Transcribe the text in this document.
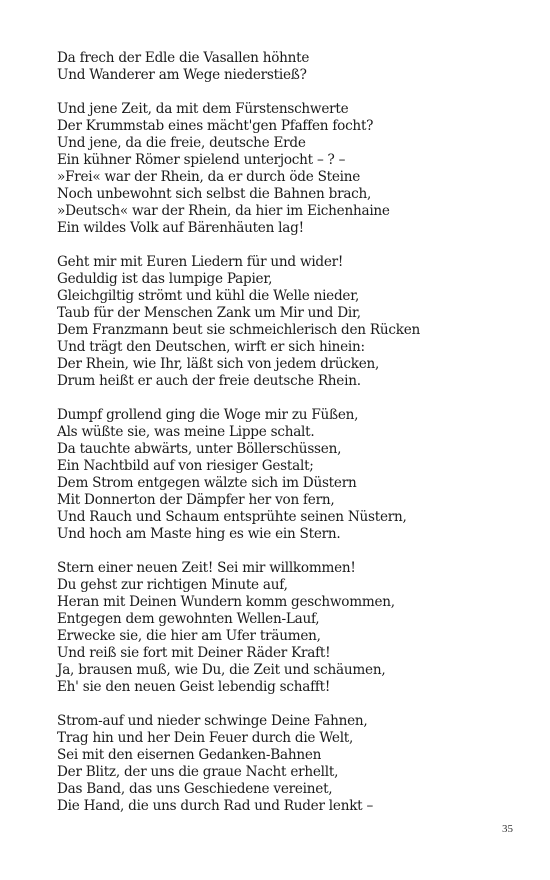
Da frech der Edle die Vasallen höhnte
Und Wanderer am Wege niederstieß?
Und jene Zeit, da mit dem Fürstenschwerte
Der Krummstab eines mächt'gen Pfaffen focht?
Und jene, da die freie, deutsche Erde
Ein kühner Römer spielend unterjocht – ? –
»Frei« war der Rhein, da er durch öde Steine
Noch unbewohnt sich selbst die Bahnen brach,
»Deutsch« war der Rhein, da hier im Eichenhaine
Ein wildes Volk auf Bärenhäuten lag!
Geht mir mit Euren Liedern für und wider!
Geduldig ist das lumpige Papier,
Gleichgiltig strömt und kühl die Welle nieder,
Taub für der Menschen Zank um Mir und Dir,
Dem Franzmann beut sie schmeichlerisch den Rücken
Und trägt den Deutschen, wirft er sich hinein:
Der Rhein, wie Ihr, läßt sich von jedem drücken,
Drum heißt er auch der freie deutsche Rhein.
Dumpf grollend ging die Woge mir zu Füßen,
Als wüßte sie, was meine Lippe schalt.
Da tauchte abwärts, unter Böllerschüssen,
Ein Nachtbild auf von riesiger Gestalt;
Dem Strom entgegen wälzte sich im Düstern
Mit Donnerton der Dämpfer her von fern,
Und Rauch und Schaum entsprühte seinen Nüstern,
Und hoch am Maste hing es wie ein Stern.
Stern einer neuen Zeit! Sei mir willkommen!
Du gehst zur richtigen Minute auf,
Heran mit Deinen Wundern komm geschwommen,
Entgegen dem gewohnten Wellen-Lauf,
Erwecke sie, die hier am Ufer träumen,
Und reiß sie fort mit Deiner Räder Kraft!
Ja, brausen muß, wie Du, die Zeit und schäumen,
Eh' sie den neuen Geist lebendig schafft!
Strom-auf und nieder schwinge Deine Fahnen,
Trag hin und her Dein Feuer durch die Welt,
Sei mit den eisernen Gedanken-Bahnen
Der Blitz, der uns die graue Nacht erhellt,
Das Band, das uns Geschiedene vereinet,
Die Hand, die uns durch Rad und Ruder lenkt –
35
